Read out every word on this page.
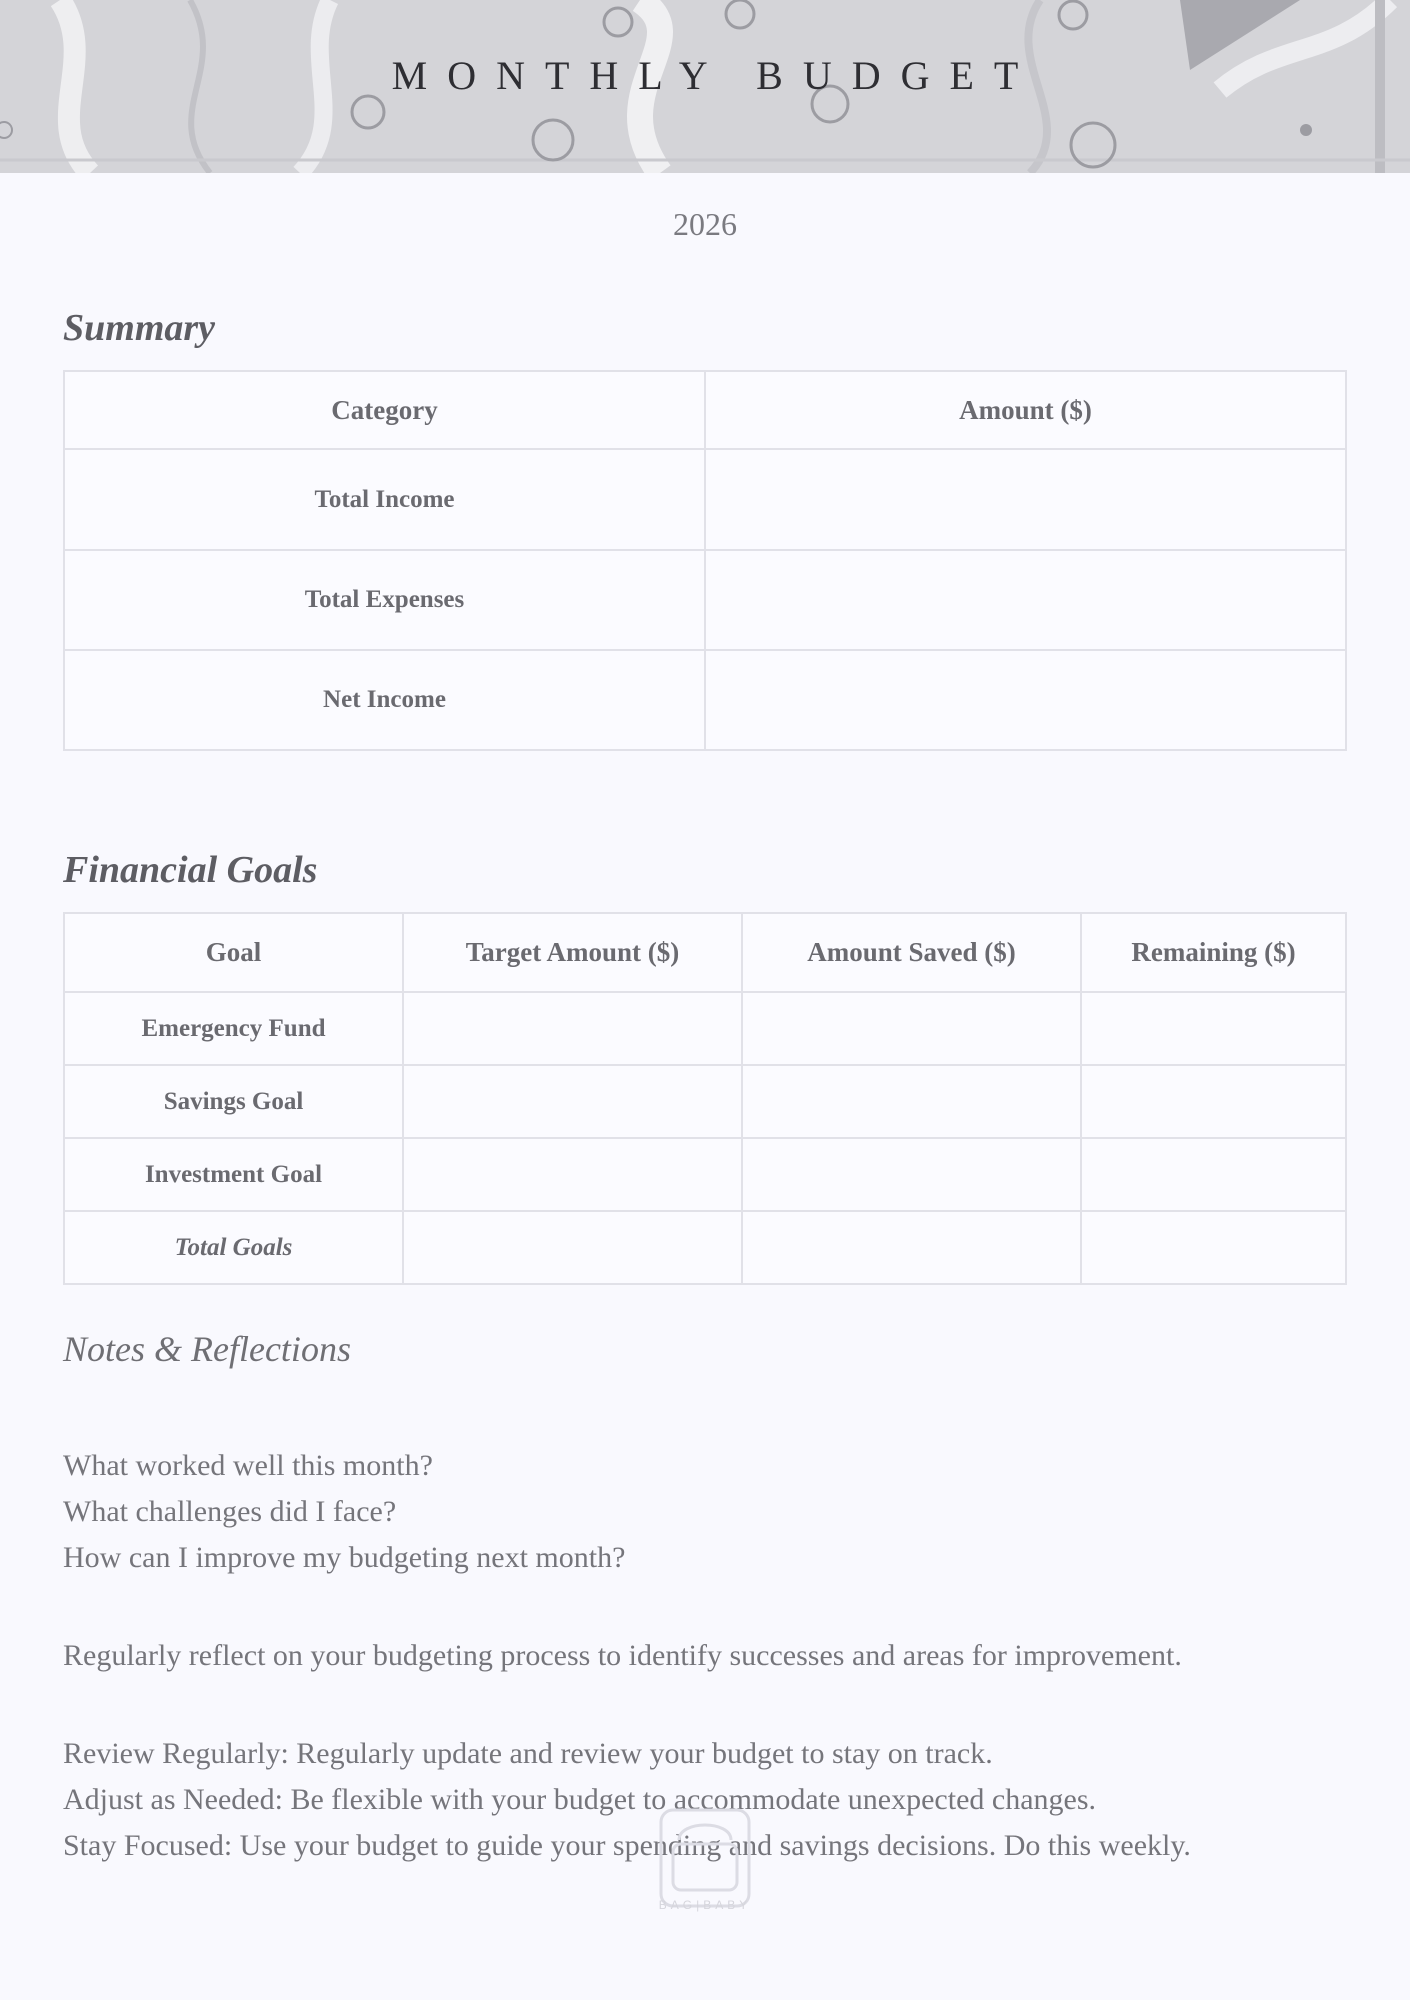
MONTHLY BUDGET
2026
Summary
Category	Amount ($)
Total Income	
Total Expenses	
Net Income	
Financial Goals
Goal	Target Amount ($)	Amount Saved ($)	Remaining ($)
Emergency Fund			
Savings Goal			
Investment Goal			
Total Goals			
Notes & Reflections

What worked well this month?

What challenges did I face?

How can I improve my budgeting next month?

Regularly reflect on your budgeting process to identify successes and areas for improvement.

Review Regularly: Regularly update and review your budget to stay on track.

Adjust as Needed: Be flexible with your budget to accommodate unexpected changes.

Stay Focused: Use your budget to guide your spending and savings decisions. Do this weekly.

BAG|BABY
